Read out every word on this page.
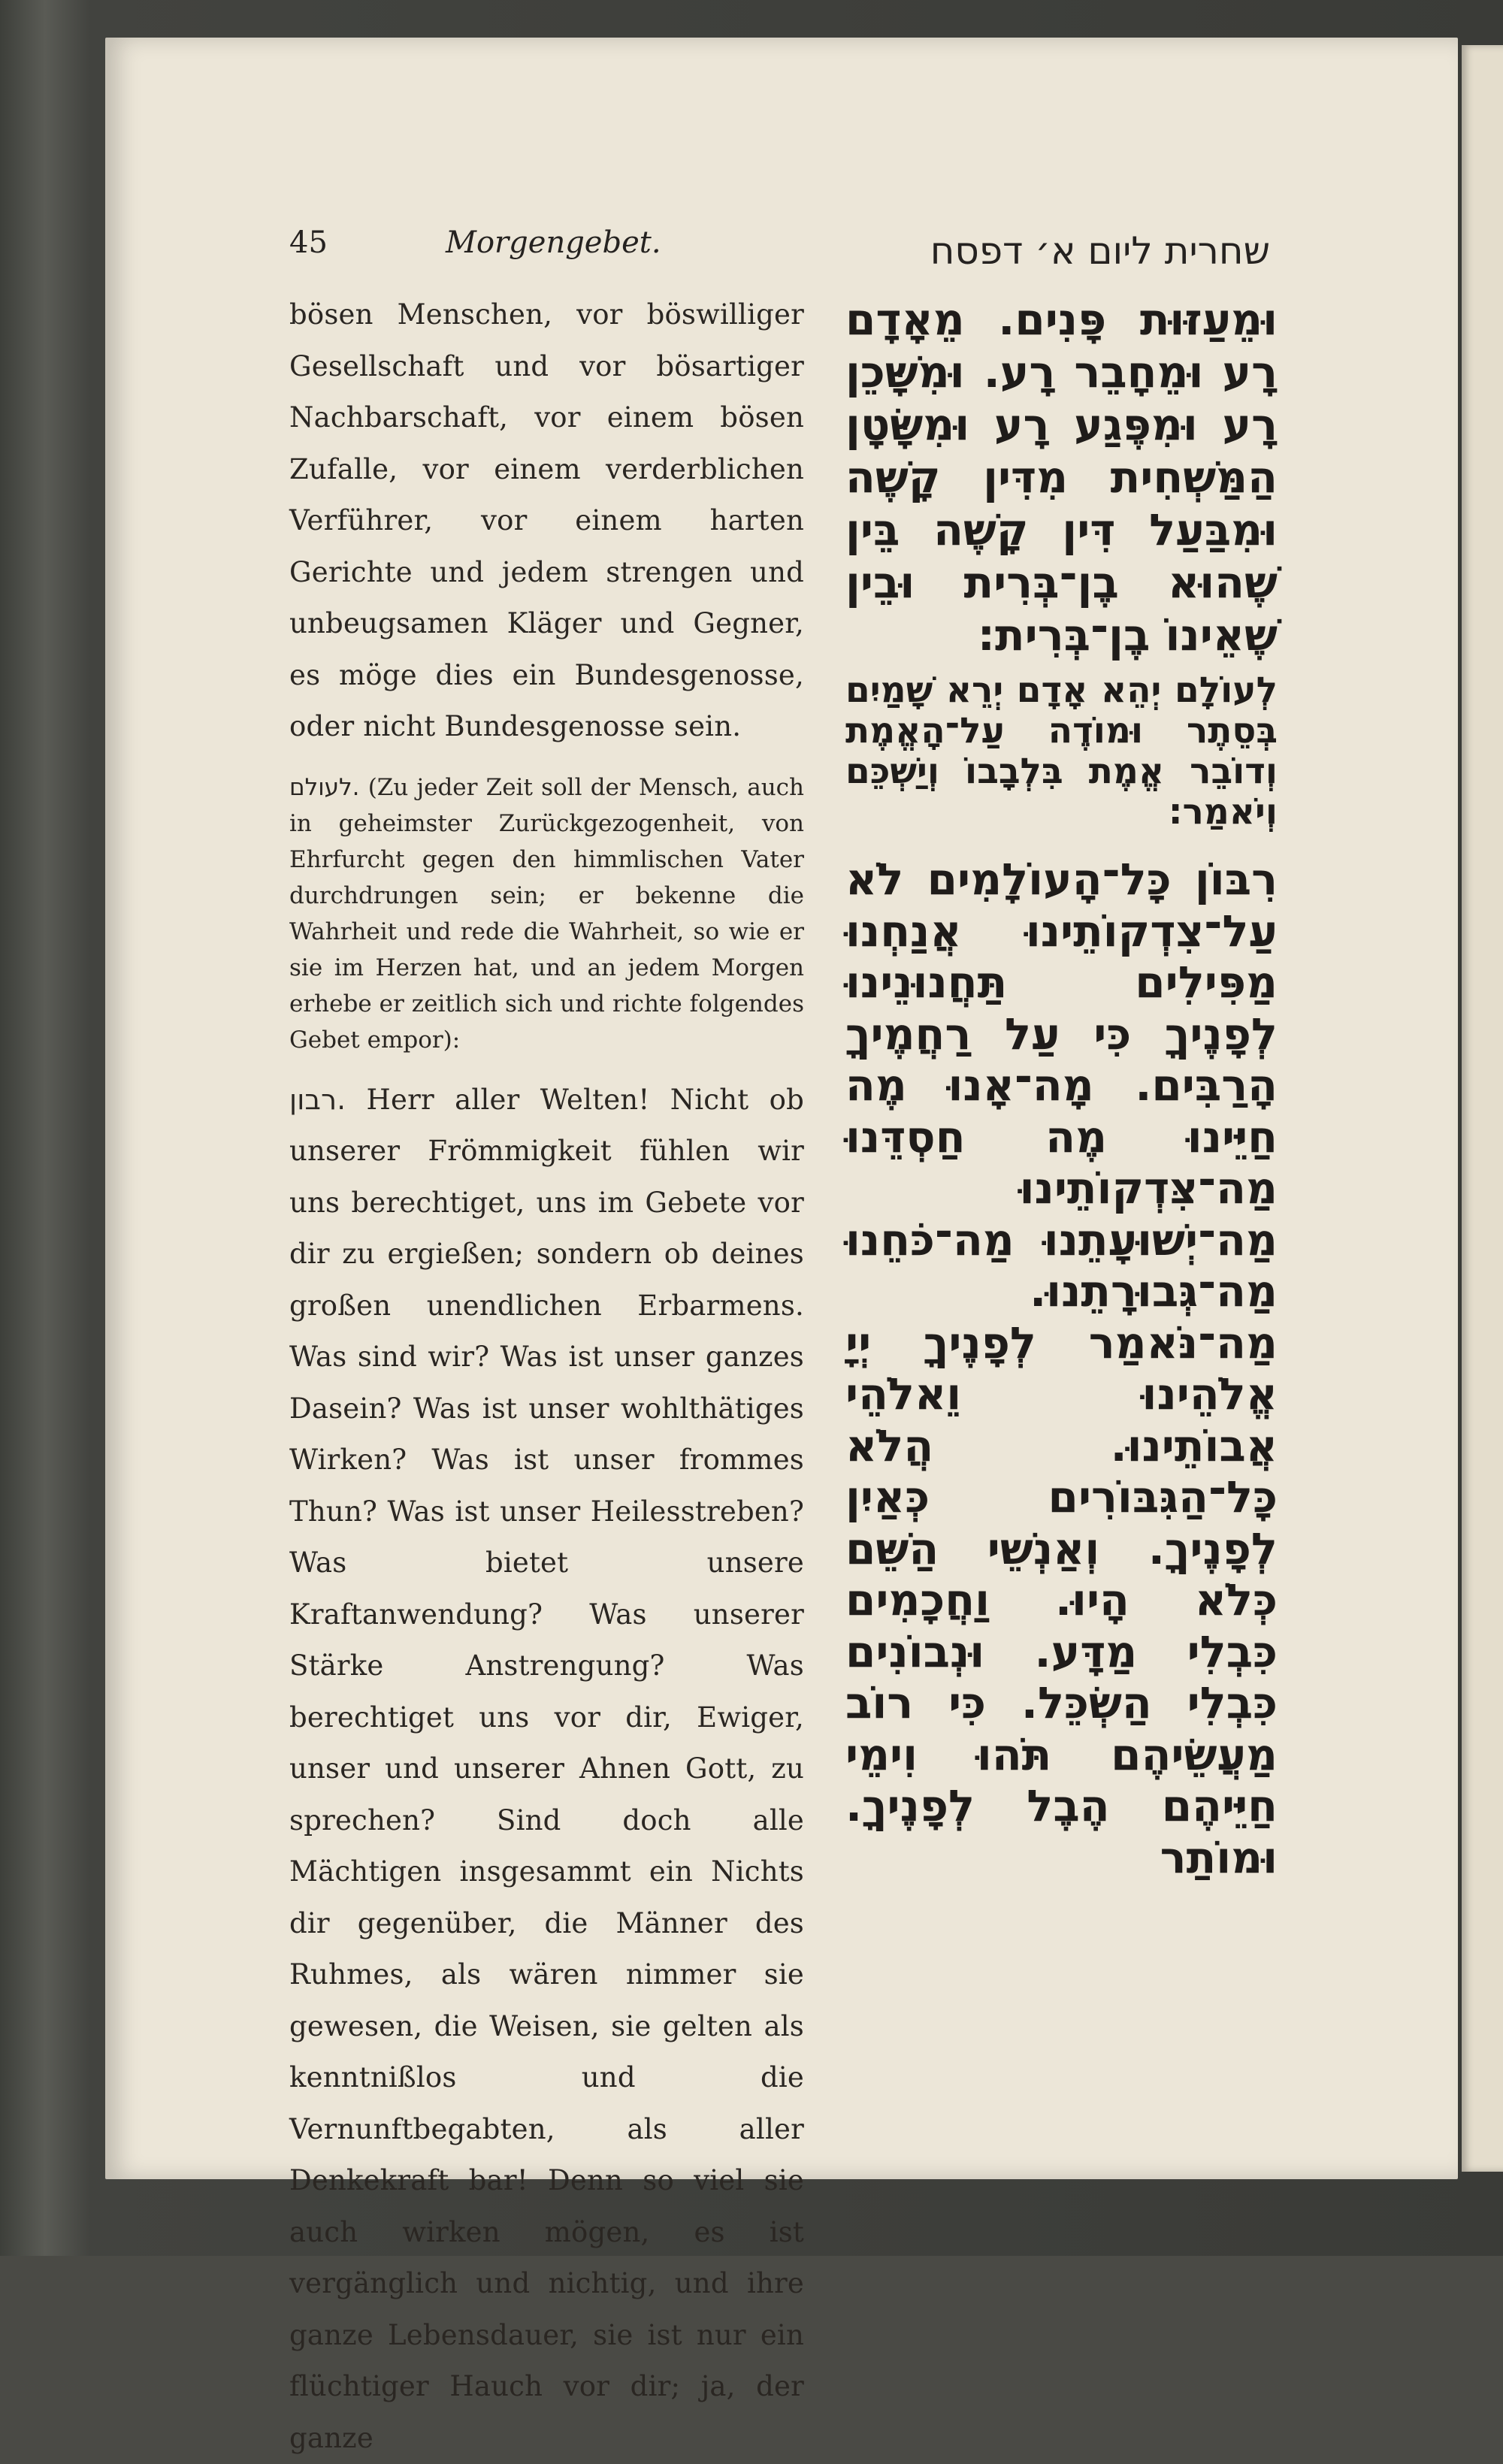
45	Morgengebet.	שחרית ליום א׳ דפסח

bösen Menschen, vor böswilliger Gesellschaft und vor bösartiger Nachbarschaft, vor einem bösen Zufalle, vor einem verderblichen Verführer, vor einem harten Gerichte und jedem strengen und unbeugsamen Kläger und Gegner, es möge dies ein Bundesgenosse, oder nicht Bundesgenosse sein.

לעולם. (Zu jeder Zeit soll der Mensch, auch in geheimster Zurückgezogenheit, von Ehrfurcht gegen den himmlischen Vater durchdrungen sein; er bekenne die Wahrheit und rede die Wahrheit, so wie er sie im Herzen hat, und an jedem Morgen erhebe er zeitlich sich und richte folgendes Gebet empor):

רבון. Herr aller Welten! Nicht ob unserer Frömmigkeit fühlen wir uns berechtiget, uns im Gebete vor dir zu ergießen; sondern ob deines großen unendlichen Erbarmens. Was sind wir? Was ist unser ganzes Dasein? Was ist unser wohlthätiges Wirken? Was ist unser frommes Thun? Was ist unser Heilesstreben? Was bietet unsere Kraftanwendung? Was unserer Stärke Anstrengung? Was berechtiget uns vor dir, Ewiger, unser und unserer Ahnen Gott, zu sprechen? Sind doch alle Mächtigen insgesammt ein Nichts dir gegenüber, die Männer des Ruhmes, als wären nimmer sie gewesen, die Weisen, sie gelten als kenntnißlos und die Vernunftbegabten, als aller Denkekraft bar! Denn so viel sie auch wirken mögen, es ist vergänglich und nichtig, und ihre ganze Lebensdauer, sie ist nur ein flüchtiger Hauch vor dir; ja, der ganze

וּמֵעַזּוּת פָּנִים. מֵאָדָם רָע וּמֵחָבֵר רָע. וּמִשָּׁכֵן רָע וּמִפֶּגַע רָע וּמִשָּׂטָן הַמַּשְׁחִית מִדִּין קָשֶׁה וּמִבַּעַל דִּין קָשֶׁה בֵּין שֶׁהוּא בֶן־בְּרִית וּבֵין שֶׁאֵינוֹ בֶן־בְּרִית:

לְעוֹלָם יְהֵא אָדָם יְרֵא שָׁמַיִם בְּסֵתֶר וּמוֹדֶה עַל־הָאֱמֶת וְדוֹבֵר אֱמֶת בִּלְבָבוֹ וְיַשְׁכֵּם וְיֹאמַר:

רִבּוֹן כָּל־הָעוֹלָמִים לֹא עַל־צִדְקוֹתֵינוּ אֲנַחְנוּ מַפִּילִים תַּחֲנוּנֵינוּ לְפָנֶיךָ כִּי עַל רַחֲמֶיךָ הָרַבִּים. מָה־אָנוּ מֶה חַיֵּינוּ מֶה חַסְדֵּנוּ מַה־צִּדְקוֹתֵינוּ מַה־יְשׁוּעָתֵנוּ מַה־כֹּחֵנוּ מַה־גְּבוּרָתֵנוּ. מַה־נֹּאמַר לְפָנֶיךָ יְיָ אֱלֹהֵינוּ וֵאלֹהֵי אֲבוֹתֵינוּ. הֲלֹא כָּל־הַגִּבּוֹרִים כְּאַיִן לְפָנֶיךָ. וְאַנְשֵׁי הַשֵּׁם כְּלֹא הָיוּ. וַחֲכָמִים כִּבְלִי מַדָּע. וּנְבוֹנִים כִּבְלִי הַשְׂכֵּל. כִּי רוֹב מַעֲשֵׂיהֶם תֹּהוּ וִימֵי חַיֵּיהֶם הֶבֶל לְפָנֶיךָ. וּמוֹתַר
